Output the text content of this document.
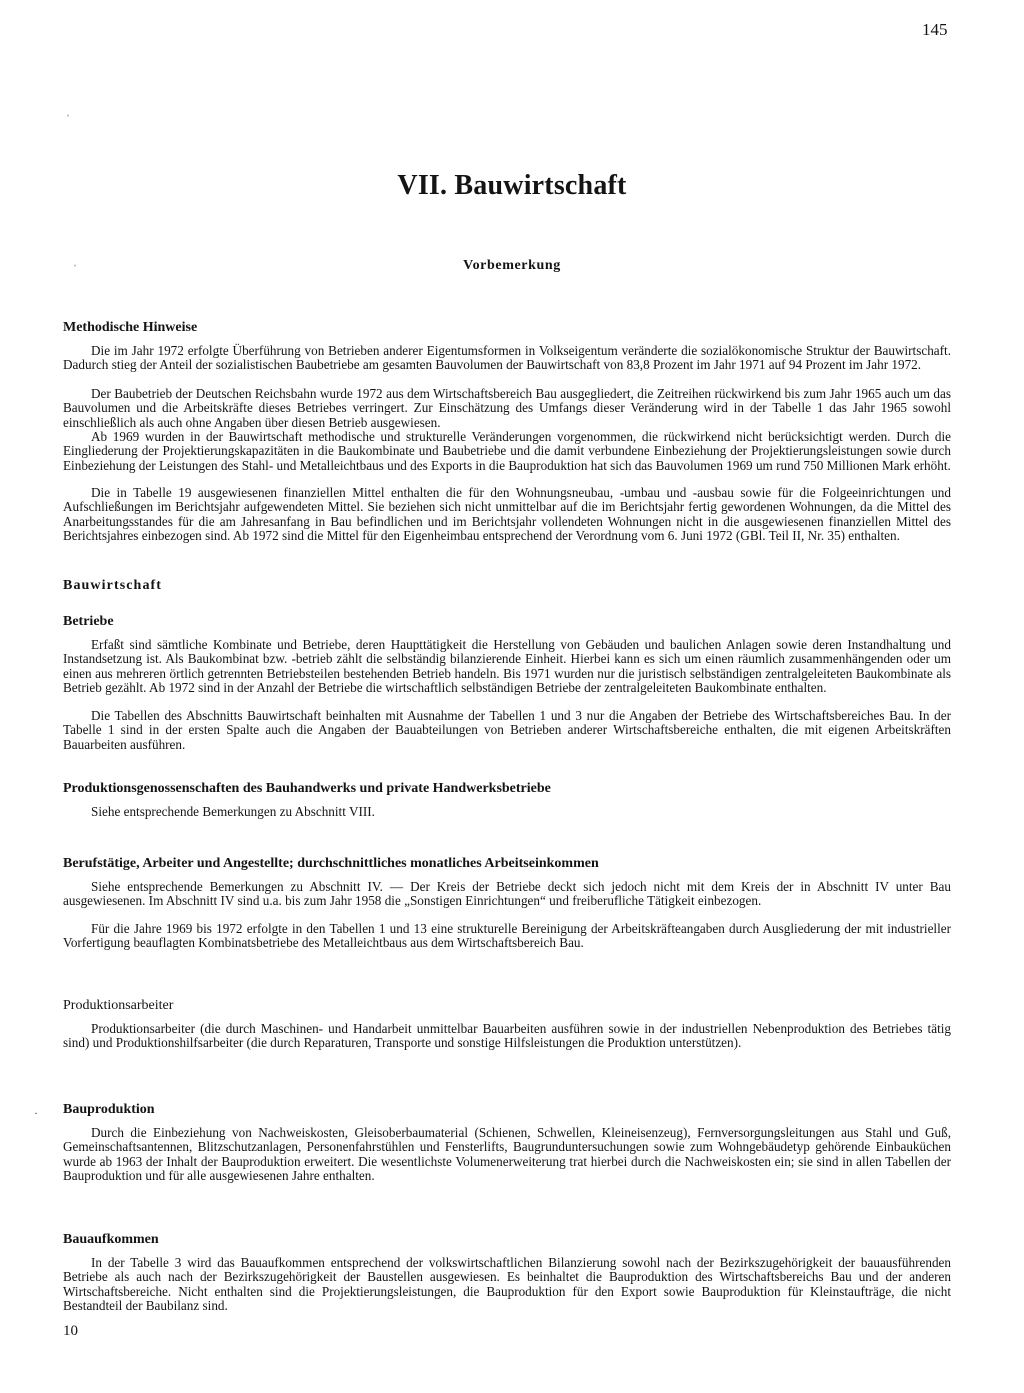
145
VII. Bauwirtschaft
Vorbemerkung
Methodische Hinweise

Die im Jahr 1972 erfolgte Überführung von Betrieben anderer Eigentumsformen in Volkseigentum veränderte die sozialökonomische Struktur der Bauwirtschaft. Dadurch stieg der Anteil der sozialistischen Baubetriebe am gesamten Bauvolumen der Bauwirtschaft von 83,8 Prozent im Jahr 1971 auf 94 Prozent im Jahr 1972.

Der Baubetrieb der Deutschen Reichsbahn wurde 1972 aus dem Wirtschaftsbereich Bau ausgegliedert, die Zeitreihen rückwirkend bis zum Jahr 1965 auch um das Bauvolumen und die Arbeitskräfte dieses Betriebes verringert. Zur Einschätzung des Umfangs dieser Veränderung wird in der Tabelle 1 das Jahr 1965 sowohl einschließlich als auch ohne Angaben über diesen Betrieb ausgewiesen.

Ab 1969 wurden in der Bauwirtschaft methodische und strukturelle Veränderungen vorgenommen, die rückwirkend nicht berücksichtigt werden. Durch die Eingliederung der Projektierungskapazitäten in die Baukombinate und Baubetriebe und die damit verbundene Einbeziehung der Projektierungsleistungen sowie durch Einbeziehung der Leistungen des Stahl- und Metalleichtbaus und des Exports in die Bauproduktion hat sich das Bauvolumen 1969 um rund 750 Millionen Mark erhöht.

Die in Tabelle 19 ausgewiesenen finanziellen Mittel enthalten die für den Wohnungsneubau, -umbau und -ausbau sowie für die Folgeeinrichtungen und Aufschließungen im Berichtsjahr aufgewendeten Mittel. Sie beziehen sich nicht unmittelbar auf die im Berichtsjahr fertig gewordenen Wohnungen, da die Mittel des Anarbeitungsstandes für die am Jahresanfang in Bau befindlichen und im Berichtsjahr vollendeten Wohnungen nicht in die ausgewiesenen finanziellen Mittel des Berichtsjahres einbezogen sind. Ab 1972 sind die Mittel für den Eigenheimbau entsprechend der Verordnung vom 6. Juni 1972 (GBl. Teil II, Nr. 35) enthalten.

Bauwirtschaft
Betriebe

Erfaßt sind sämtliche Kombinate und Betriebe, deren Haupttätigkeit die Herstellung von Gebäuden und baulichen Anlagen sowie deren Instandhaltung und Instandsetzung ist. Als Baukombinat bzw. -betrieb zählt die selbständig bilanzierende Einheit. Hierbei kann es sich um einen räumlich zusammenhängenden oder um einen aus mehreren örtlich getrennten Betriebsteilen bestehenden Betrieb handeln. Bis 1971 wurden nur die juristisch selbständigen zentralgeleiteten Baukombinate als Betrieb gezählt. Ab 1972 sind in der Anzahl der Betriebe die wirtschaftlich selbständigen Betriebe der zentralgeleiteten Baukombinate enthalten.

Die Tabellen des Abschnitts Bauwirtschaft beinhalten mit Ausnahme der Tabellen 1 und 3 nur die Angaben der Betriebe des Wirtschaftsbereiches Bau. In der Tabelle 1 sind in der ersten Spalte auch die Angaben der Bauabteilungen von Betrieben anderer Wirtschaftsbereiche enthalten, die mit eigenen Arbeitskräften Bauarbeiten ausführen.

Produktionsgenossenschaften des Bauhandwerks und private Handwerksbetriebe

Siehe entsprechende Bemerkungen zu Abschnitt VIII.

Berufstätige, Arbeiter und Angestellte; durchschnittliches monatliches Arbeitseinkommen

Siehe entsprechende Bemerkungen zu Abschnitt IV. — Der Kreis der Betriebe deckt sich jedoch nicht mit dem Kreis der in Abschnitt IV unter Bau ausgewiesenen. Im Abschnitt IV sind u.a. bis zum Jahr 1958 die „Sonstigen Einrichtungen“ und freiberufliche Tätigkeit einbezogen.

Für die Jahre 1969 bis 1972 erfolgte in den Tabellen 1 und 13 eine strukturelle Bereinigung der Arbeitskräfteangaben durch Ausgliederung der mit industrieller Vorfertigung beauflagten Kombinatsbetriebe des Metalleichtbaus aus dem Wirtschaftsbereich Bau.

Produktionsarbeiter

Produktionsarbeiter (die durch Maschinen- und Handarbeit unmittelbar Bauarbeiten ausführen sowie in der industriellen Nebenproduktion des Betriebes tätig sind) und Produktionshilfsarbeiter (die durch Reparaturen, Transporte und sonstige Hilfsleistungen die Produktion unterstützen).

Bauproduktion

Durch die Einbeziehung von Nachweiskosten, Gleisoberbaumaterial (Schienen, Schwellen, Kleineisenzeug), Fernversorgungsleitungen aus Stahl und Guß, Gemeinschaftsantennen, Blitzschutzanlagen, Personenfahrstühlen und Fensterlifts, Baugrunduntersuchungen sowie zum Wohngebäudetyp gehörende Einbauküchen wurde ab 1963 der Inhalt der Bauproduktion erweitert. Die wesentlichste Volumenerweiterung trat hierbei durch die Nachweiskosten ein; sie sind in allen Tabellen der Bauproduktion und für alle ausgewiesenen Jahre enthalten.

Bauaufkommen

In der Tabelle 3 wird das Bauaufkommen entsprechend der volkswirtschaftlichen Bilanzierung sowohl nach der Bezirkszugehörigkeit der bauausführenden Betriebe als auch nach der Bezirkszugehörigkeit der Baustellen ausgewiesen. Es beinhaltet die Bauproduktion des Wirtschaftsbereichs Bau und der anderen Wirtschaftsbereiche. Nicht enthalten sind die Projektierungsleistungen, die Bauproduktion für den Export sowie Bauproduktion für Kleinstaufträge, die nicht Bestandteil der Baubilanz sind.

10
ˈ
ˈ
·
